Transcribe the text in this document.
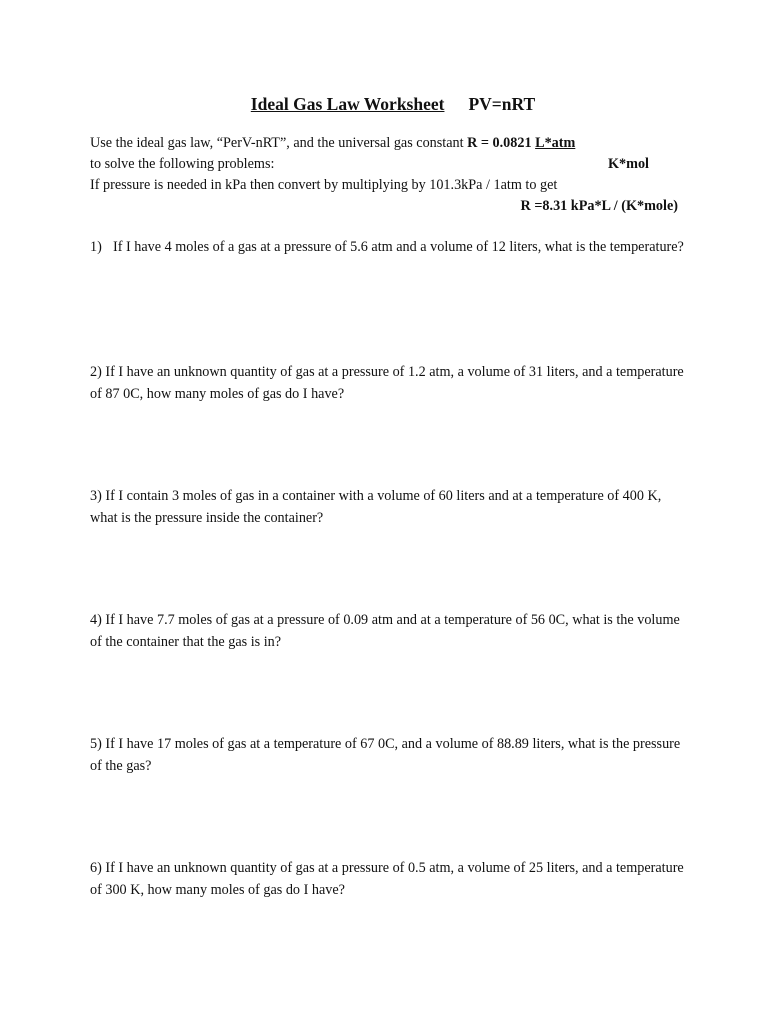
Ideal Gas Law Worksheet PV=nRT
Use the ideal gas law, “PerV-nRT”, and the universal gas constant R = 0.0821 L*atm
to solve the following problems:	K*mol
If pressure is needed in kPa then convert by multiplying by 101.3kPa / 1atm to get
R =8.31 kPa*L / (K*mole)
1) If I have 4 moles of a gas at a pressure of 5.6 atm and a volume of 12 liters, what is the temperature?
2) If I have an unknown quantity of gas at a pressure of 1.2 atm, a volume of 31 liters, and a temperature of 87 0C, how many moles of gas do I have?
3) If I contain 3 moles of gas in a container with a volume of 60 liters and at a temperature of 400 K, what is the pressure inside the container?
4) If I have 7.7 moles of gas at a pressure of 0.09 atm and at a temperature of 56 0C, what is the volume of the container that the gas is in?
5) If I have 17 moles of gas at a temperature of 67 0C, and a volume of 88.89 liters, what is the pressure of the gas?
6) If I have an unknown quantity of gas at a pressure of 0.5 atm, a volume of 25 liters, and a temperature of 300 K, how many moles of gas do I have?
